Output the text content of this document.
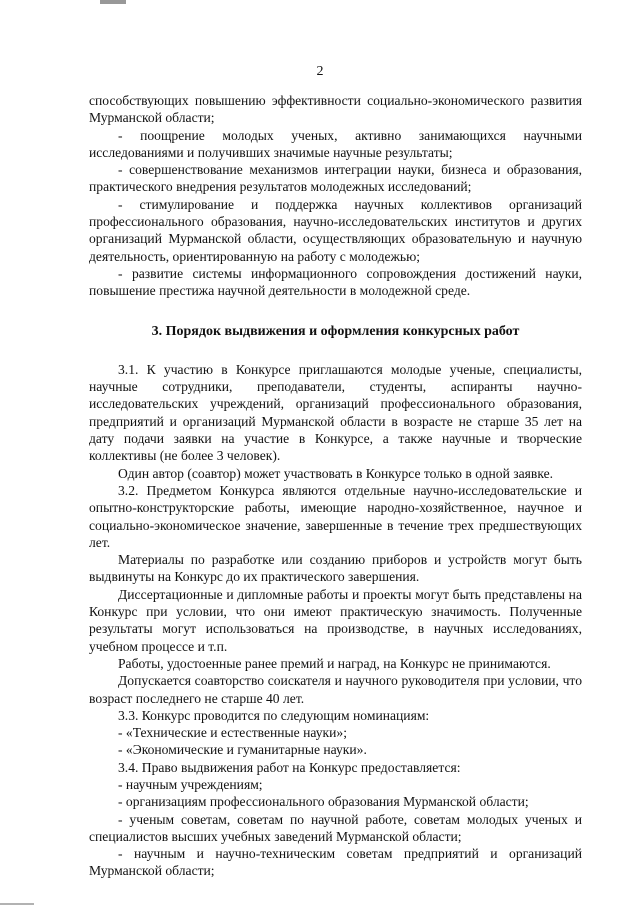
2

способствующих повышению эффективности социально-экономического развития Мурманской области;

- поощрение молодых ученых, активно занимающихся научными исследованиями и получивших значимые научные результаты;

- совершенствование механизмов интеграции науки, бизнеса и образования, практического внедрения результатов молодежных исследований;

- стимулирование и поддержка научных коллективов организаций профессионального образования, научно-исследовательских институтов и других организаций Мурманской области, осуществляющих образовательную и научную деятельность, ориентированную на работу с молодежью;

- развитие системы информационного сопровождения достижений науки, повышение престижа научной деятельности в молодежной среде.

3. Порядок выдвижения и оформления конкурсных работ

3.1. К участию в Конкурсе приглашаются молодые ученые, специалисты, научные сотрудники, преподаватели, студенты, аспиранты научно-исследовательских учреждений, организаций профессионального образования, предприятий и организаций Мурманской области в возрасте не старше 35 лет на дату подачи заявки на участие в Конкурсе, а также научные и творческие коллективы (не более 3 человек).

Один автор (соавтор) может участвовать в Конкурсе только в одной заявке.

3.2. Предметом Конкурса являются отдельные научно-исследовательские и опытно-конструкторские работы, имеющие народно-хозяйственное, научное и социально-экономическое значение, завершенные в течение трех предшествующих лет.

Материалы по разработке или созданию приборов и устройств могут быть выдвинуты на Конкурс до их практического завершения.

Диссертационные и дипломные работы и проекты могут быть представлены на Конкурс при условии, что они имеют практическую значимость. Полученные результаты могут использоваться на производстве, в научных исследованиях, учебном процессе и т.п.

Работы, удостоенные ранее премий и наград, на Конкурс не принимаются.

Допускается соавторство соискателя и научного руководителя при условии, что возраст последнего не старше 40 лет.

3.3. Конкурс проводится по следующим номинациям:

- «Технические и естественные науки»;

- «Экономические и гуманитарные науки».

3.4. Право выдвижения работ на Конкурс предоставляется:

- научным учреждениям;

- организациям профессионального образования Мурманской области;

- ученым советам, советам по научной работе, советам молодых ученых и специалистов высших учебных заведений Мурманской области;

- научным и научно-техническим советам предприятий и организаций Мурманской области;
